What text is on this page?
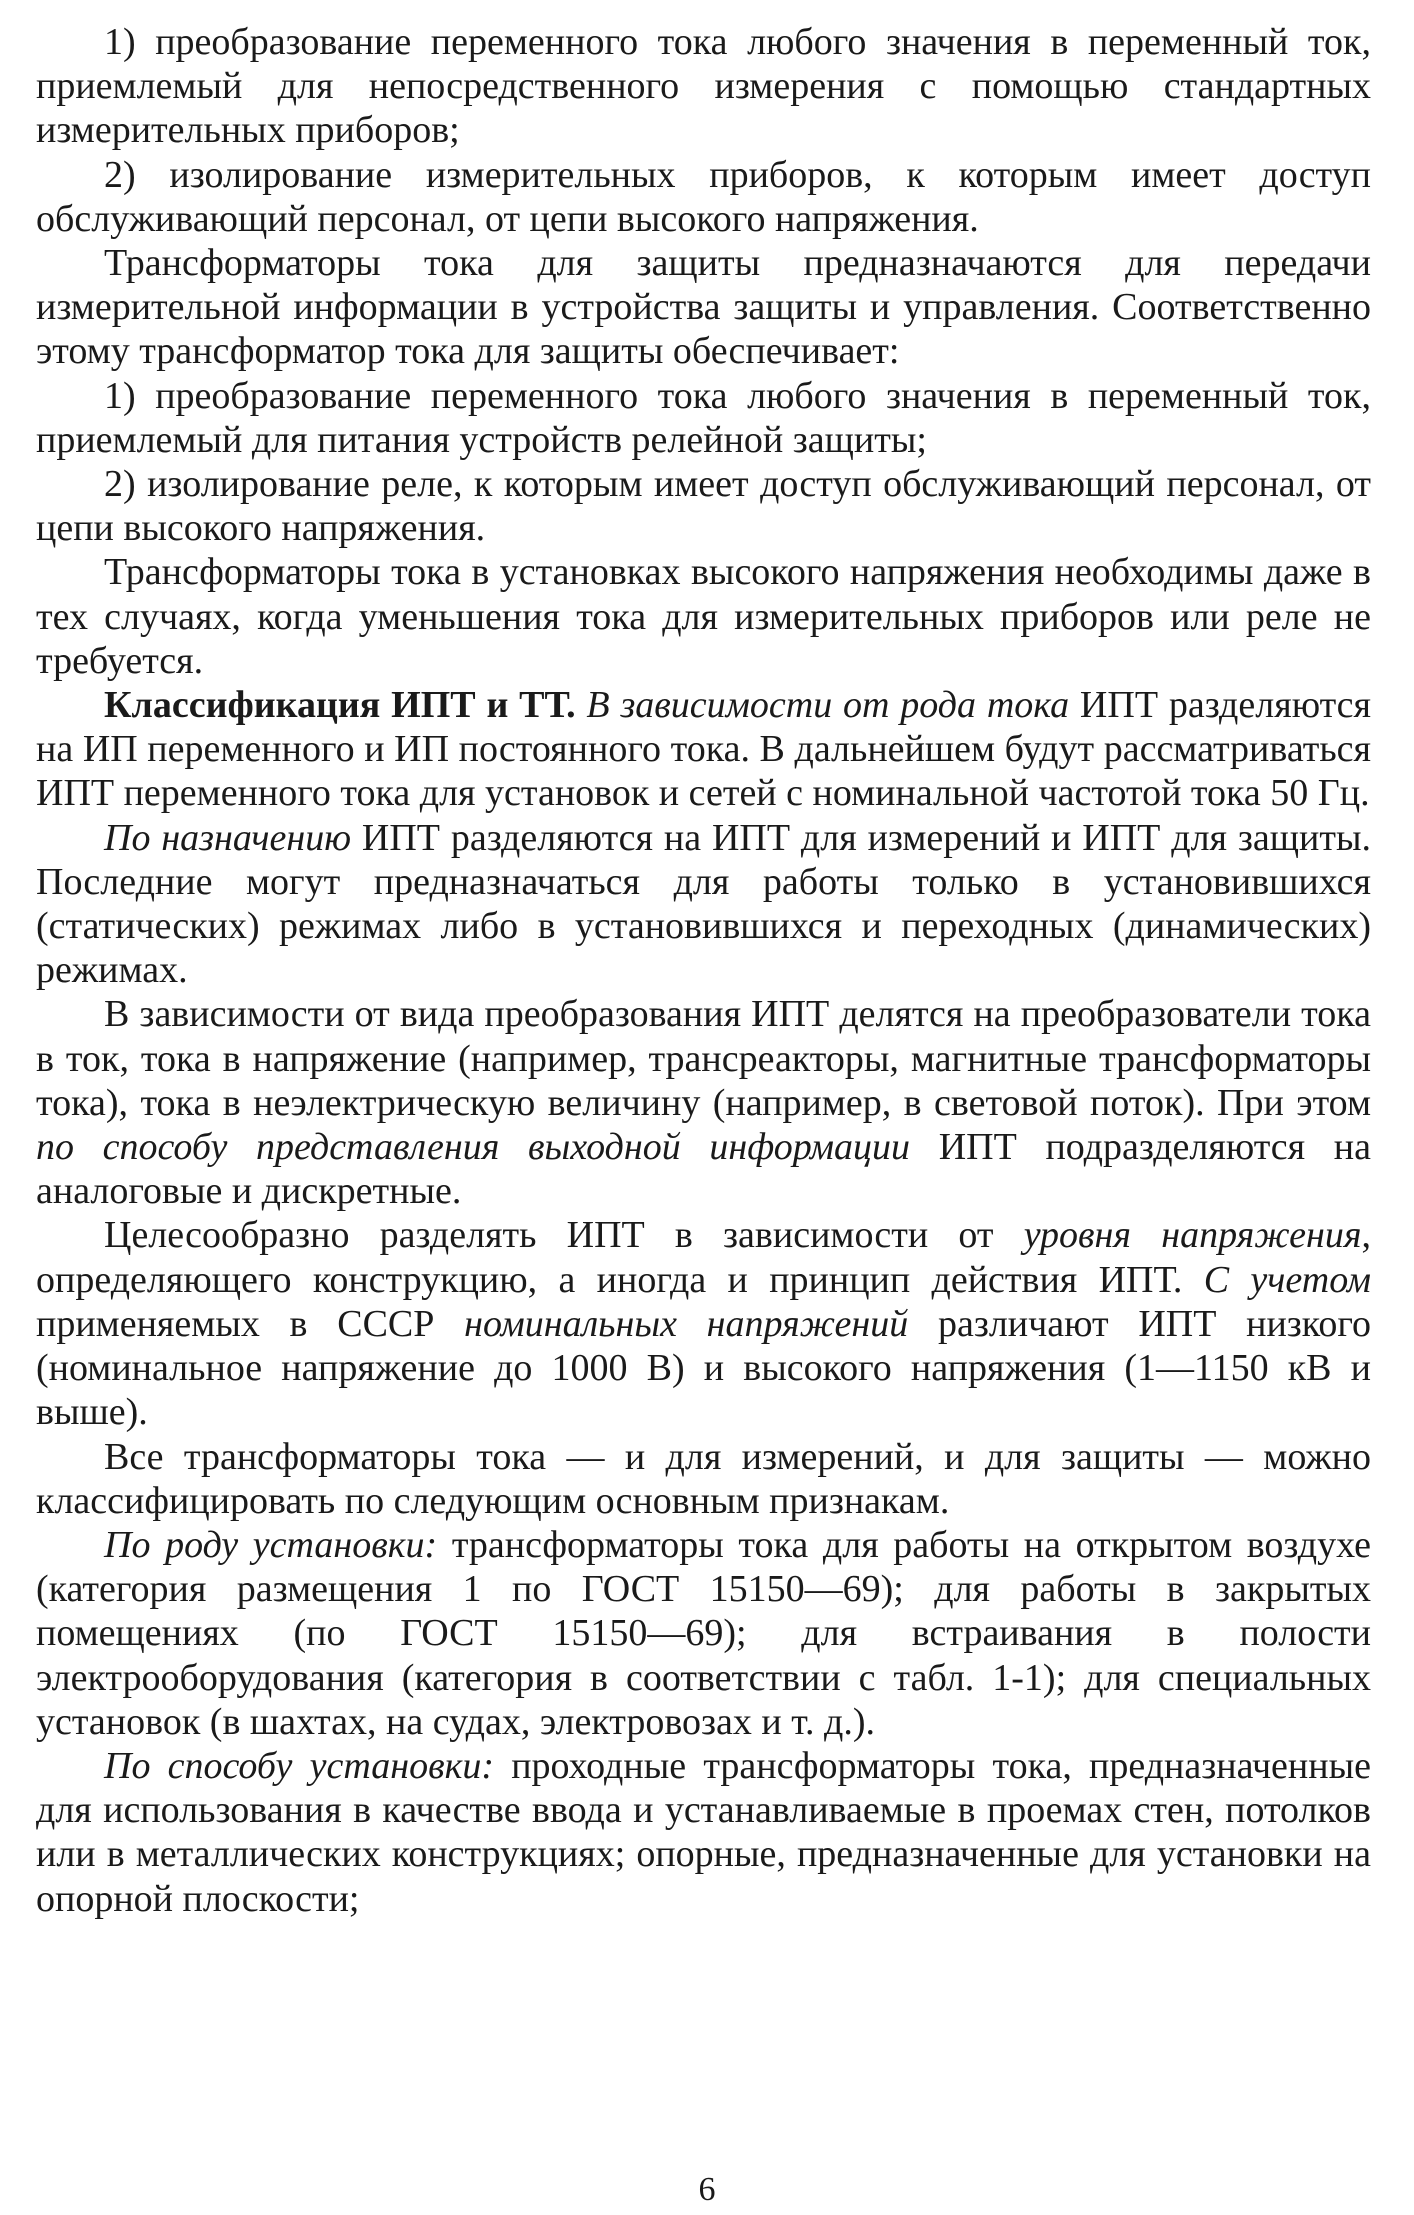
1) преобразование переменного тока любого значения в переменный ток, приемлемый для непосредственного измерения с помощью стандартных измерительных приборов;

2) изолирование измерительных приборов, к которым имеет доступ обслуживающий персонал, от цепи высокого напряжения.

Трансформаторы тока для защиты предназначаются для передачи измерительной информации в устройства защиты и управления. Соответственно этому трансформатор тока для защиты обеспечивает:

1) преобразование переменного тока любого значения в переменный ток, приемлемый для питания устройств релейной защиты;

2) изолирование реле, к которым имеет доступ обслуживающий персонал, от цепи высокого напряжения.

Трансформаторы тока в установках высокого напряжения необходимы даже в тех случаях, когда уменьшения тока для измерительных приборов или реле не требуется.

Классификация ИПТ и ТТ. В зависимости от рода тока ИПТ разделяются на ИП переменного и ИП постоянного тока. В дальнейшем будут рассматриваться ИПТ переменного тока для установок и сетей с номинальной частотой тока 50 Гц.

По назначению ИПТ разделяются на ИПТ для измерений и ИПТ для защиты. Последние могут предназначаться для работы только в установившихся (статических) режимах либо в установившихся и переходных (динамических) режимах.

В зависимости от вида преобразования ИПТ делятся на преобразователи тока в ток, тока в напряжение (например, трансреакторы, магнитные трансформаторы тока), тока в неэлектрическую величину (например, в световой поток). При этом по способу представления выходной информации ИПТ подразделяются на аналоговые и дискретные.

Целесообразно разделять ИПТ в зависимости от уровня напряжения, определяющего конструкцию, а иногда и принцип действия ИПТ. С учетом применяемых в СССР номинальных напряжений различают ИПТ низкого (номинальное напряжение до 1000 В) и высокого напряжения (1—1150 кВ и выше).

Все трансформаторы тока — и для измерений, и для защиты — можно классифицировать по следующим основным признакам.

По роду установки: трансформаторы тока для работы на открытом воздухе (категория размещения 1 по ГОСТ 15150—69); для работы в закрытых помещениях (по ГОСТ 15150—69); для встраивания в полости электрооборудования (категория в соответствии с табл. 1-1); для специальных установок (в шахтах, на судах, электровозах и т. д.).

По способу установки: проходные трансформаторы тока, предназначенные для использования в качестве ввода и устанавливаемые в проемах стен, потолков или в металлических конструкциях; опорные, предназначенные для установки на опорной плоскости;

6
